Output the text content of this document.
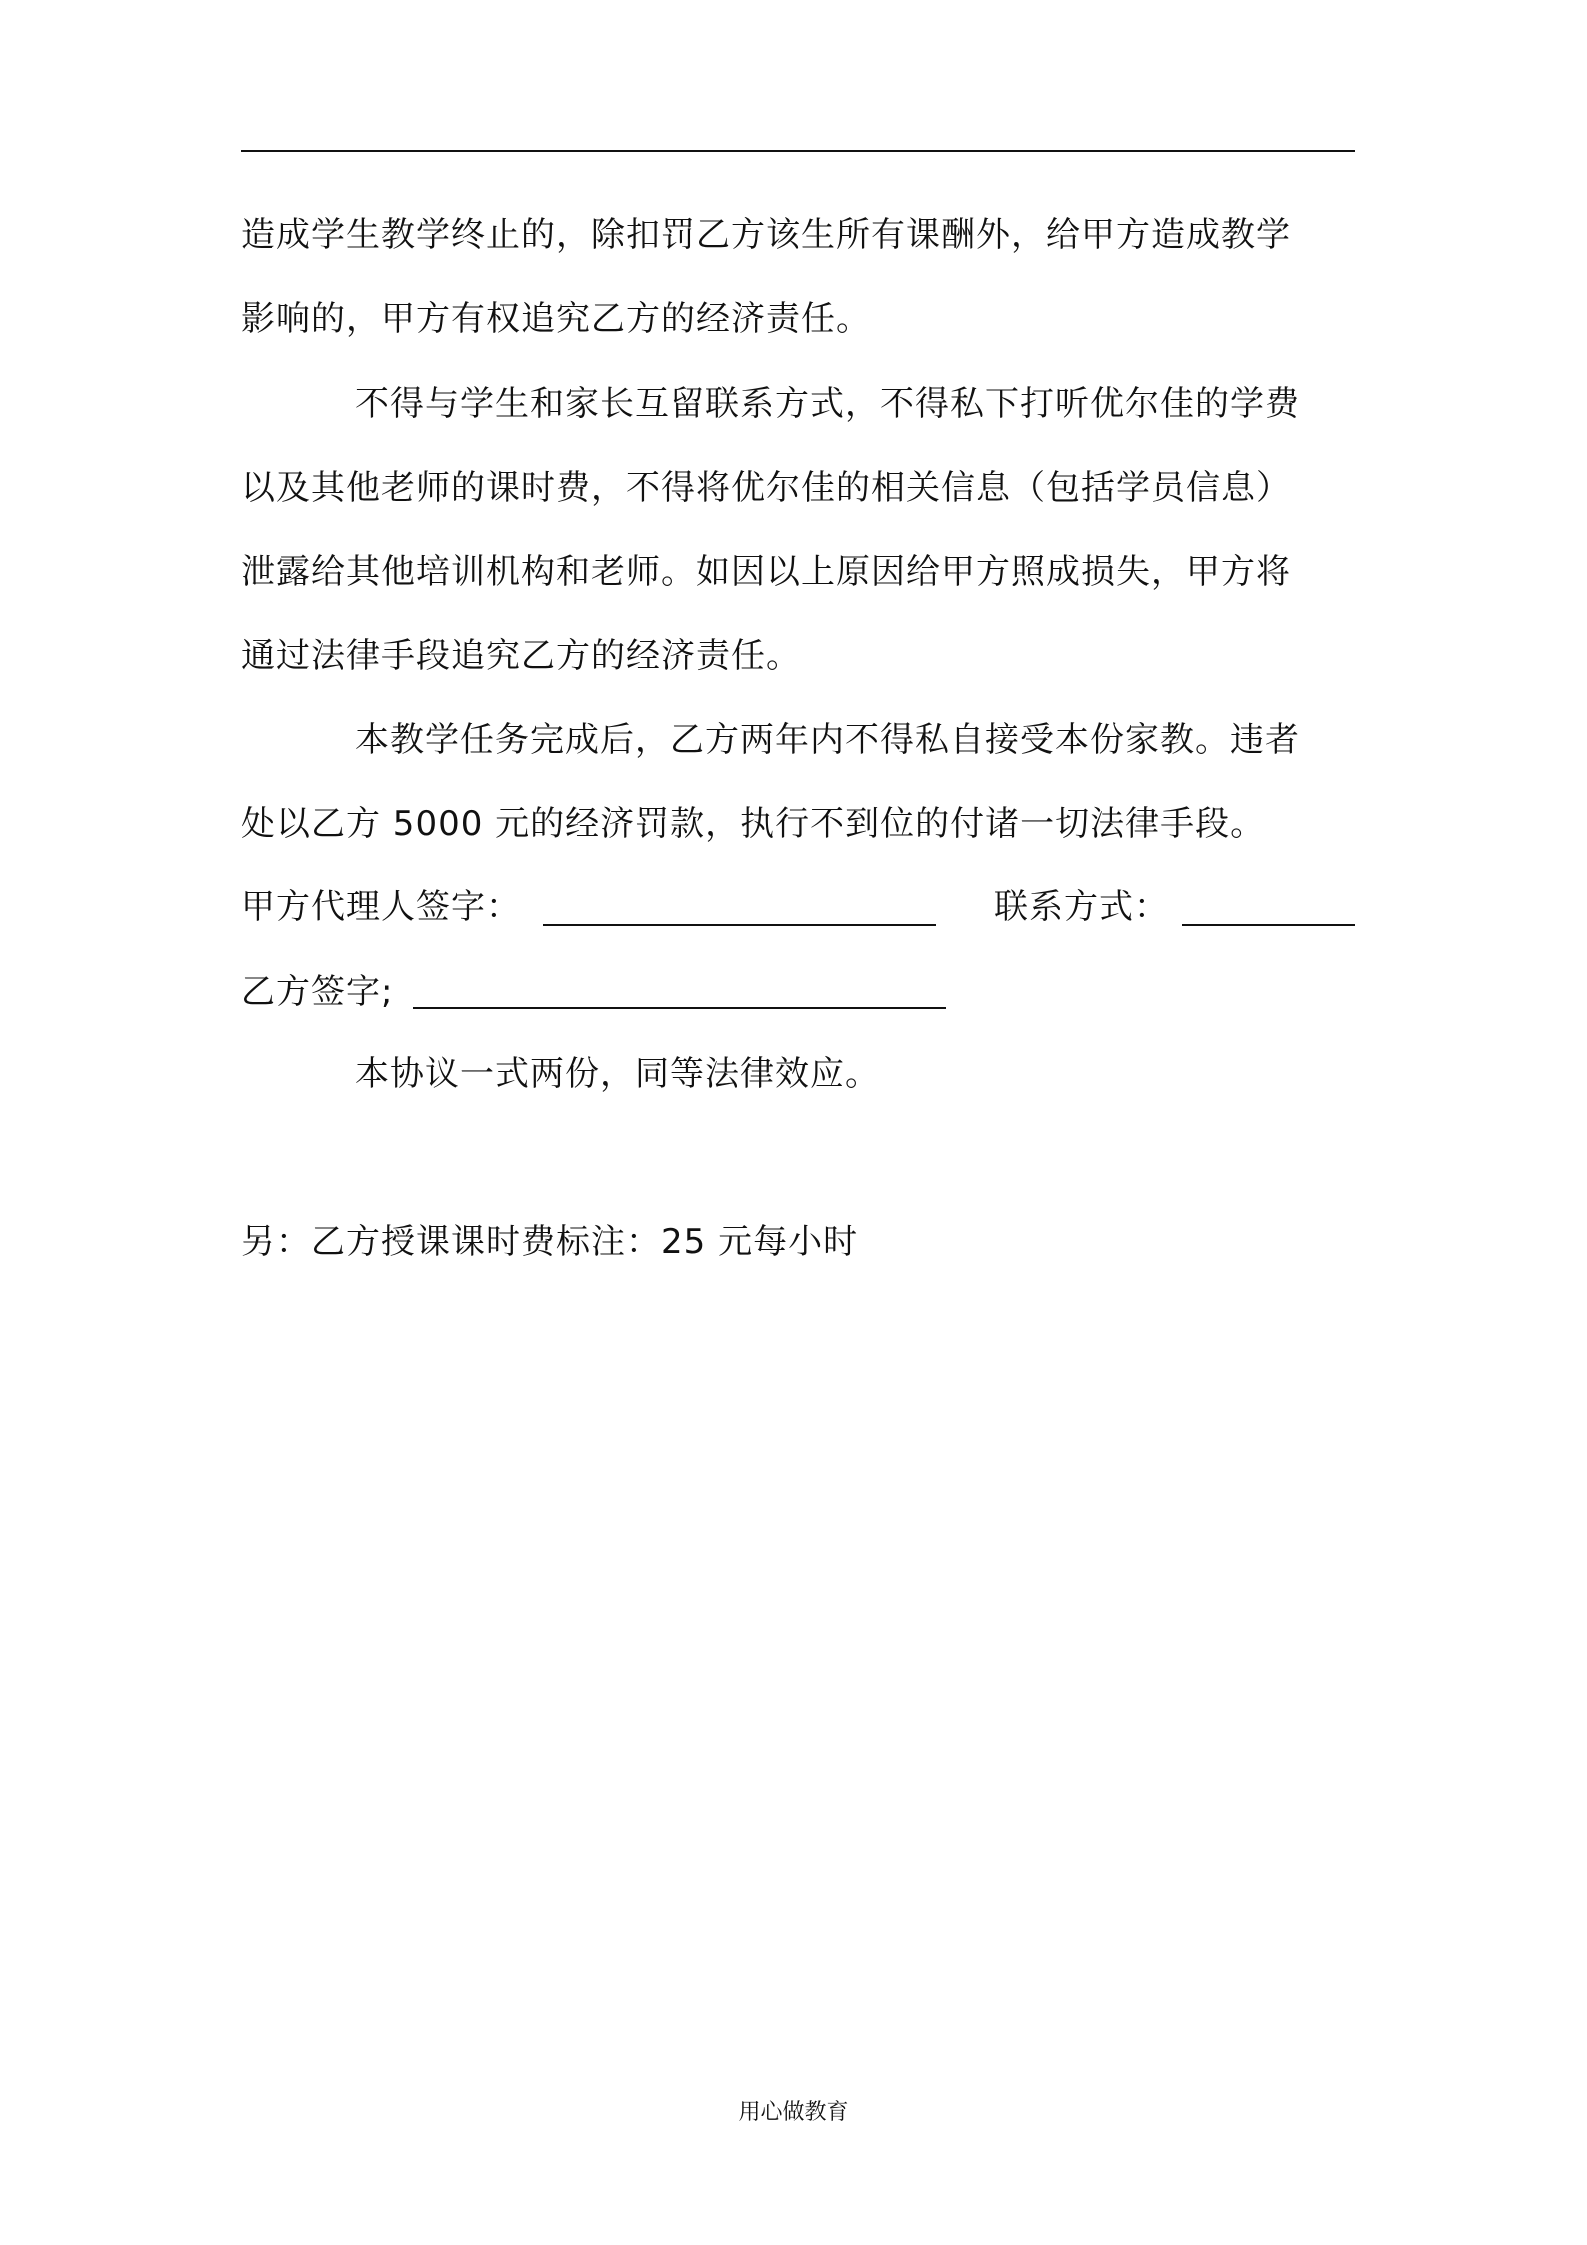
造成学生教学终止的，除扣罚乙方该生所有课酬外，给甲方造成教学
影响的，甲方有权追究乙方的经济责任。
不得与学生和家长互留联系方式，不得私下打听优尔佳的学费
以及其他老师的课时费，不得将优尔佳的相关信息（包括学员信息）
泄露给其他培训机构和老师。如因以上原因给甲方照成损失，甲方将
通过法律手段追究乙方的经济责任。
本教学任务完成后，乙方两年内不得私自接受本份家教。违者
处以乙方 5000 元的经济罚款，执行不到位的付诸一切法律手段。
甲方代理人签字：	联系方式：
乙方签字;
本协议一式两份，同等法律效应。
另：乙方授课课时费标注：25 元每小时
用心做教育
